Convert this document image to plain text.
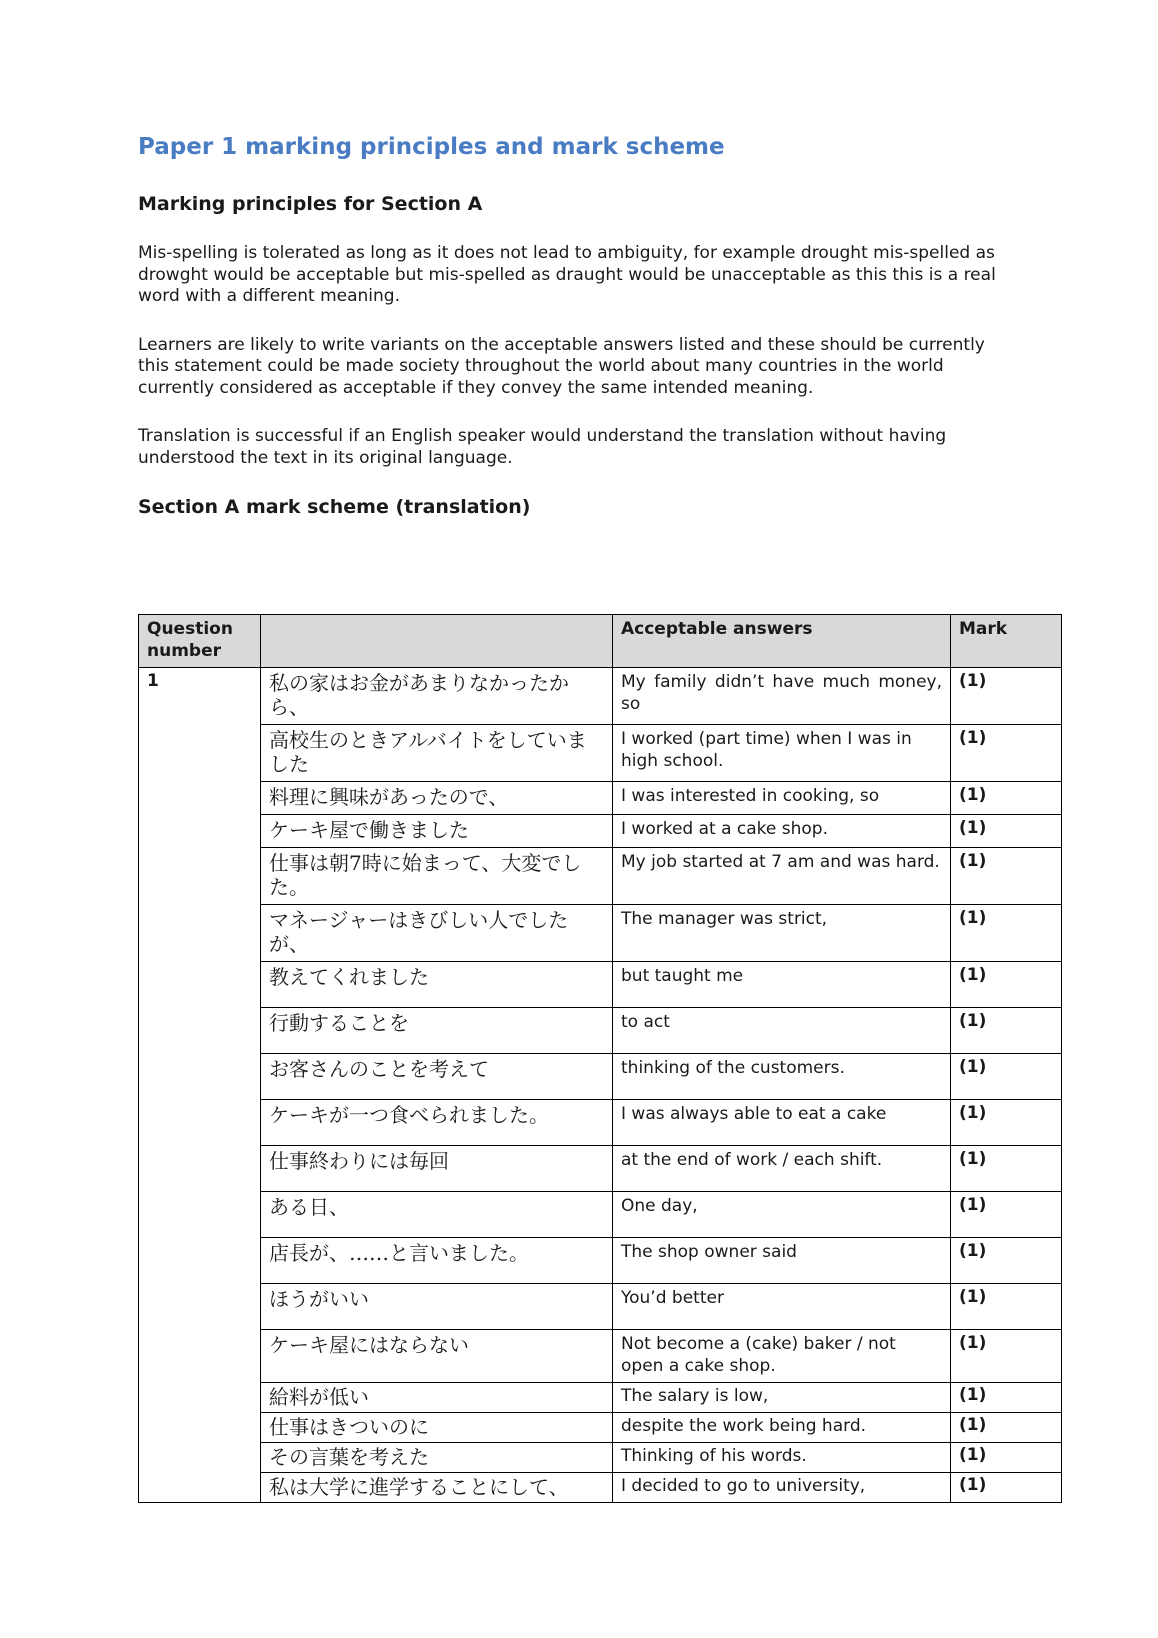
Paper 1 marking principles and mark scheme
Marking principles for Section A

Mis-spelling is tolerated as long as it does not lead to ambiguity, for example drought mis-spelled as drowght would be acceptable but mis-spelled as draught would be unacceptable as this this is a real word with a different meaning.

Learners are likely to write variants on the acceptable answers listed and these should be currently this statement could be made society throughout the world about many countries in the world currently considered as acceptable if they convey the same intended meaning.

Translation is successful if an English speaker would understand the translation without having understood the text in its original language.

Section A mark scheme (translation)
Question number		Acceptable answers	Mark
1	私の家はお金があまりなかったから、	My family didn’t have much money, so	(1)
	高校生のときアルバイトをしていました	I worked (part time) when I was in high school.	(1)
	料理に興味があったので、	I was interested in cooking, so	(1)
	ケーキ屋で働きました	I worked at a cake shop.	(1)
	仕事は朝7時に始まって、大変でした。	My job started at 7 am and was hard.	(1)
	マネージャーはきびしい人でしたが、	The manager was strict,	(1)
	教えてくれました	but taught me	(1)
	行動することを	to act	(1)
	お客さんのことを考えて	thinking of the customers.	(1)
	ケーキが一つ食べられました。	I was always able to eat a cake	(1)
	仕事終わりには毎回	at the end of work / each shift.	(1)
	ある日、	One day,	(1)
	店長が、……と言いました。	The shop owner said	(1)
	ほうがいい	You’d better	(1)
	ケーキ屋にはならない	Not become a (cake) baker / not open a cake shop.	(1)
	給料が低い	The salary is low,	(1)
	仕事はきついのに	despite the work being hard.	(1)
	その言葉を考えた	Thinking of his words.	(1)
	私は大学に進学することにして、	I decided to go to university,	(1)
